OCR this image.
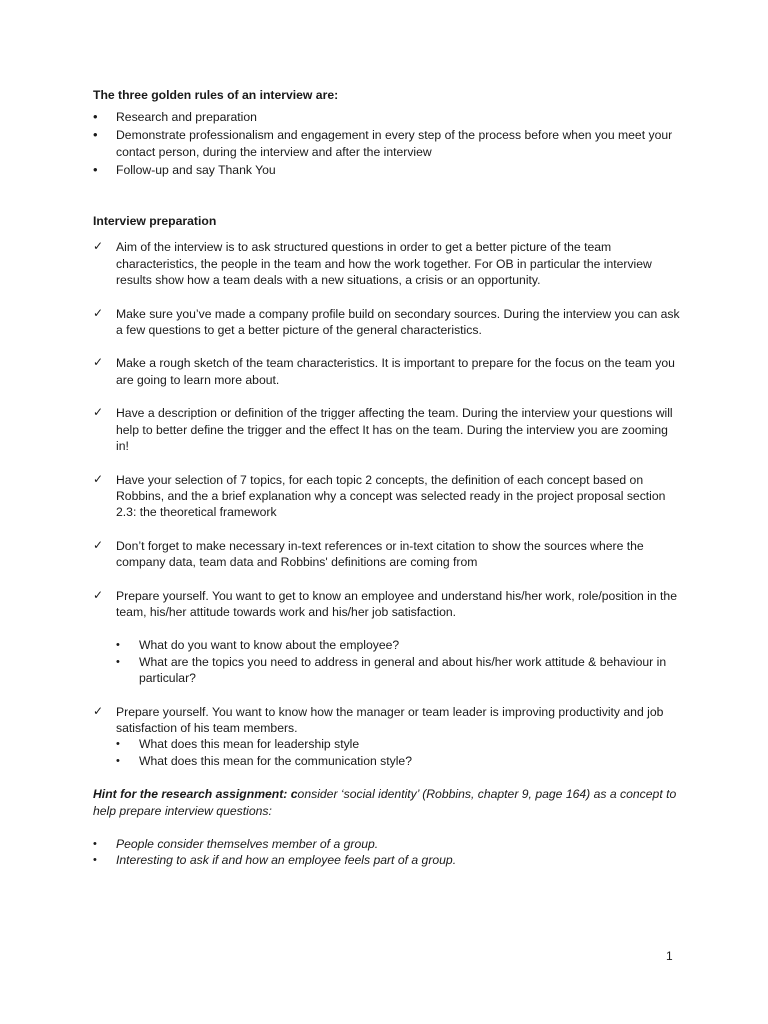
The three golden rules of an interview are:

• Research and preparation
• Demonstrate professionalism and engagement in every step of the process before when you meet your contact person, during the interview and after the interview
• Follow-up and say Thank You

Interview preparation

✓ Aim of the interview is to ask structured questions in order to get a better picture of the team characteristics, the people in the team and how the work together. For OB in particular the interview results show how a team deals with a new situations, a crisis or an opportunity.
✓ Make sure you’ve made a company profile build on secondary sources. During the interview you can ask a few questions to get a better picture of the general characteristics.
✓ Make a rough sketch of the team characteristics. It is important to prepare for the focus on the team you are going to learn more about.
✓ Have a description or definition of the trigger affecting the team. During the interview your questions will help to better define the trigger and the effect It has on the team. During the interview you are zooming in!
✓ Have your selection of 7 topics, for each topic 2 concepts, the definition of each concept based on Robbins, and the a brief explanation why a concept was selected ready in the project proposal section 2.3: the theoretical framework
✓ Don’t forget to make necessary in-text references or in-text citation to show the sources where the company data, team data and Robbins' definitions are coming from
✓ Prepare yourself. You want to get to know an employee and understand his/her work, role/position in the team, his/her attitude towards work and his/her job satisfaction.
• What do you want to know about the employee?
• What are the topics you need to address in general and about his/her work attitude & behaviour in particular?
✓ Prepare yourself. You want to know how the manager or team leader is improving productivity and job satisfaction of his team members.
• What does this mean for leadership style
• What does this mean for the communication style?

Hint for the research assignment: consider ‘social identity’ (Robbins, chapter 9, page 164) as a concept to help prepare interview questions:

• People consider themselves member of a group.
• Interesting to ask if and how an employee feels part of a group.
1
